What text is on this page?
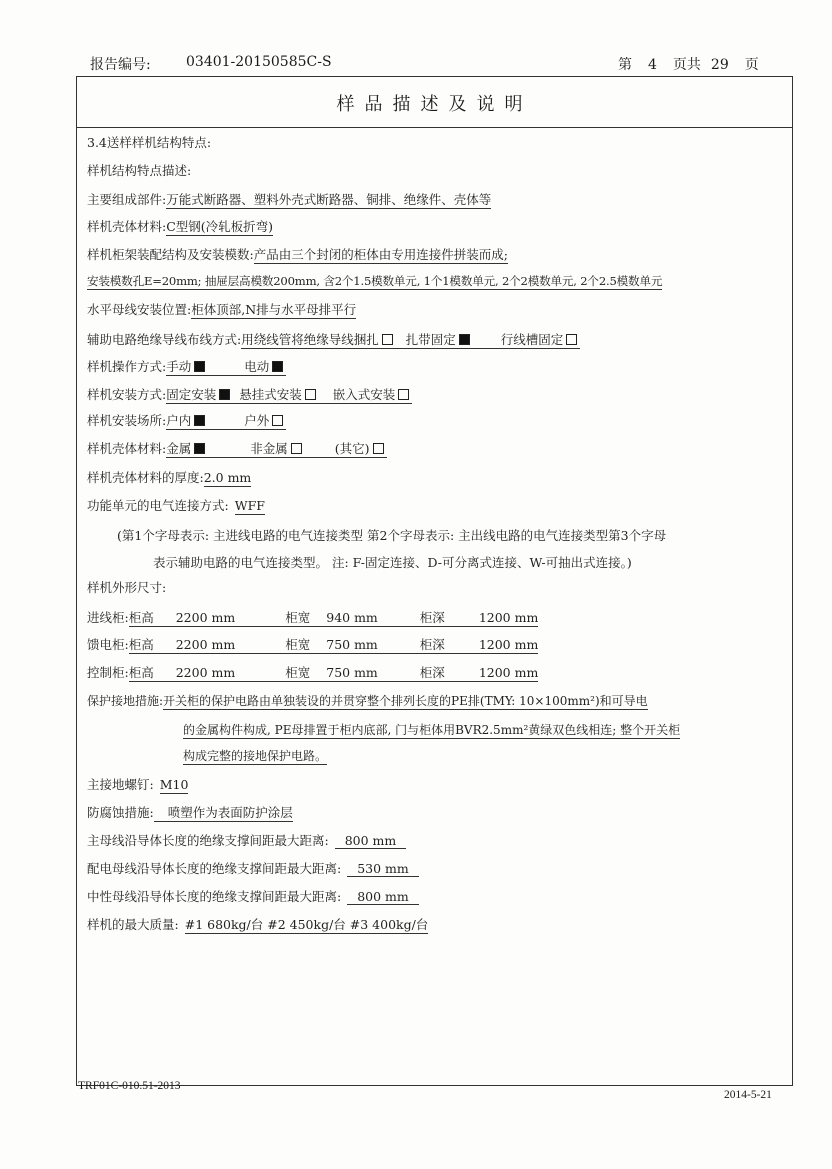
报告编号:	03401-20150585C-S	第 4 页共 29 页
样品描述及说明
3.4送样样机结构特点:
样机结构特点描述:
主要组成部件:万能式断路器、塑料外壳式断路器、铜排、绝缘件、壳体等
样机壳体材料:C型钢(冷轧板折弯)
样机柜架装配结构及安装模数:产品由三个封闭的柜体由专用连接件拼装而成;
安装模数孔E=20mm; 抽屉层高模数200mm, 含2个1.5模数单元, 1个1模数单元, 2个2模数单元, 2个2.5模数单元
水平母线安装位置:柜体顶部,N排与水平母排平行
辅助电路绝缘导线布线方式:用绕线管将绝缘导线捆扎 扎带固定	行线槽固定
样机操作方式:手动	电动
样机安装方式:固定安装 悬挂式安装 嵌入式安装
样机安装场所:户内	户外
样机壳体材料:金属	非金属	(其它)
样机壳体材料的厚度:2.0 mm
功能单元的电气连接方式: WFF
(第1个字母表示: 主进线电路的电气连接类型 第2个字母表示: 主出线电路的电气连接类型第3个字母
表示辅助电路的电气连接类型。 注: F-固定连接、D-可分离式连接、W-可抽出式连接。)
样机外形尺寸:
进线柜:柜高 2200 mm	柜宽 940 mm	柜深	1200 mm
馈电柜:柜高 2200 mm	柜宽 750 mm	柜深	1200 mm
控制柜:柜高 2200 mm	柜宽 750 mm	柜深	1200 mm
保护接地措施:开关柜的保护电路由单独装设的并贯穿整个排列长度的PE排(TMY: 10×100mm²)和可导电
的金属构件构成, PE母排置于柜内底部, 门与柜体用BVR2.5mm²黄绿双色线相连; 整个开关柜
构成完整的接地保护电路。
主接地螺钉: M10
防腐蚀措施: 喷塑作为表面防护涂层
主母线沿导体长度的绝缘支撑间距最大距离: 800 mm
配电母线沿导体长度的绝缘支撑间距最大距离: 530 mm
中性母线沿导体长度的绝缘支撑间距最大距离: 800 mm
样机的最大质量: #1 680kg/台 #2 450kg/台 #3 400kg/台
TRF01C-010.51-2013
2014-5-21
